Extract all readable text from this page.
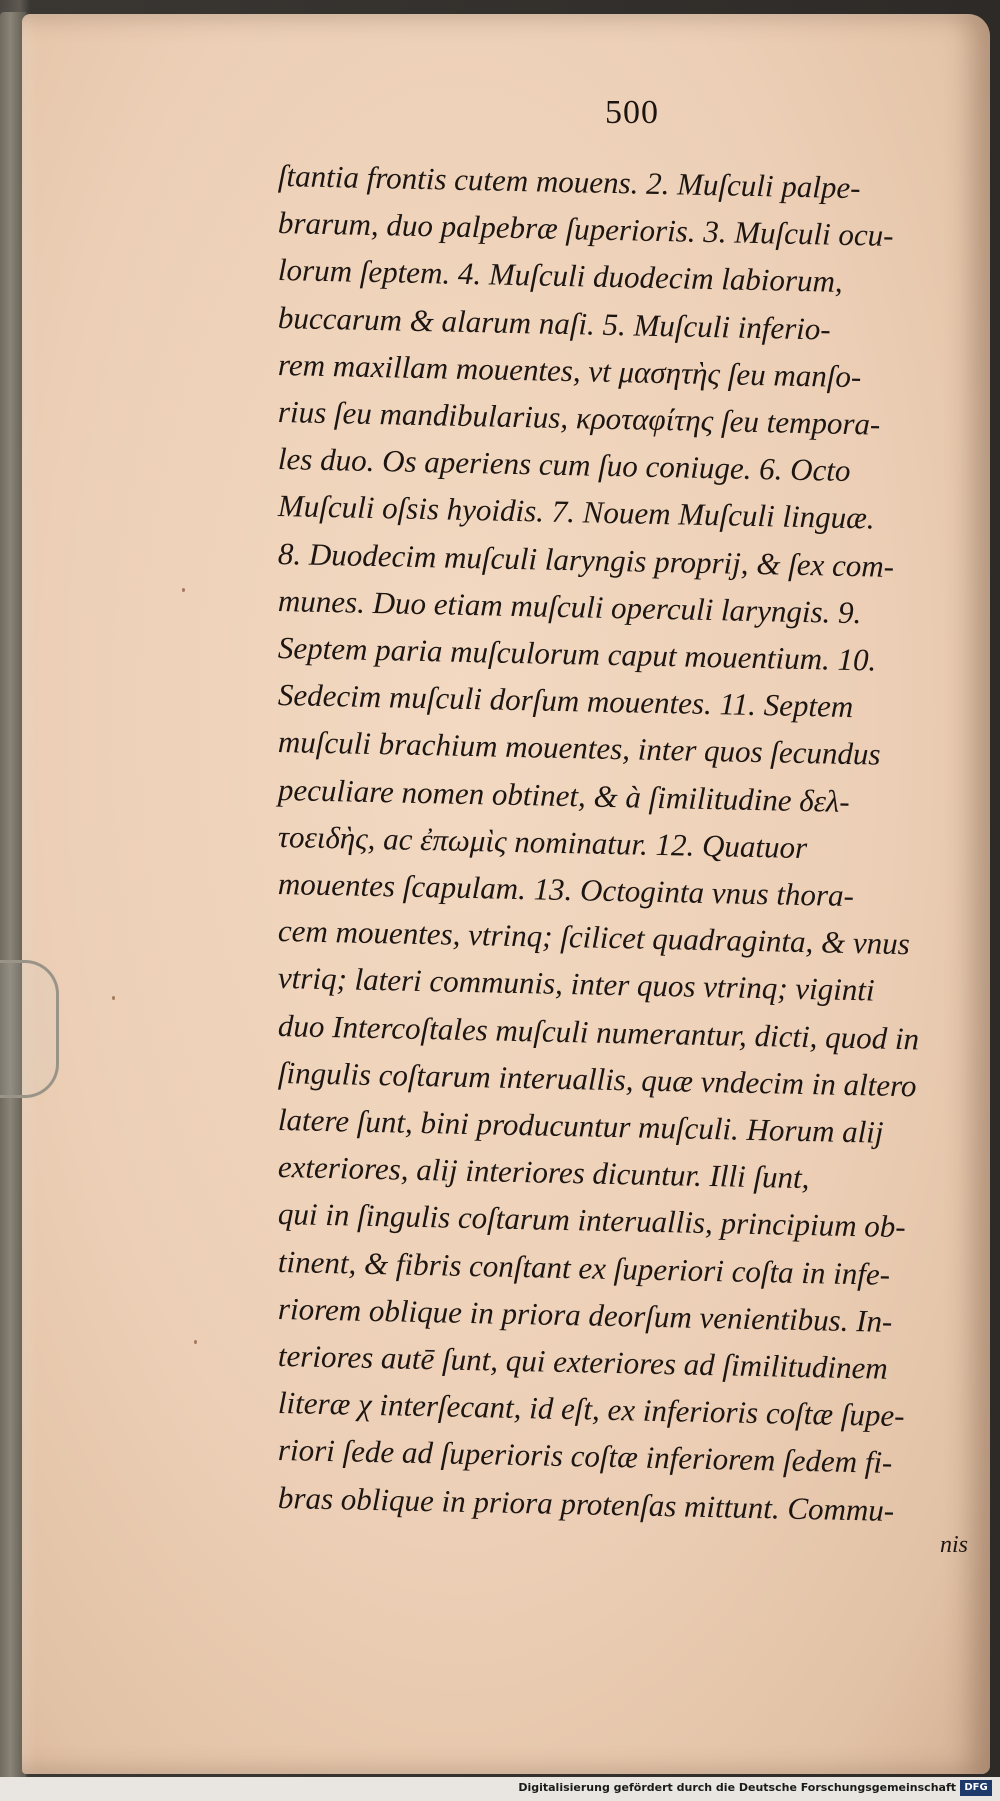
500
ſtantia frontis cutem mouens. 2. Muſculi palpe-
brarum, duo palpebræ ſuperioris. 3. Muſculi ocu-
lorum ſeptem. 4. Muſculi duodecim labiorum,
buccarum & alarum naſi. 5. Muſculi inferio-
rem maxillam mouentes, vt μασητὴς ſeu manſo-
rius ſeu mandibularius, κροταφίτης ſeu tempora-
les duo. Os aperiens cum ſuo coniuge. 6. Octo
Muſculi oſsis hyoidis. 7. Nouem Muſculi linguæ.
8. Duodecim muſculi laryngis proprij, & ſex com-
munes. Duo etiam muſculi operculi laryngis. 9.
Septem paria muſculorum caput mouentium. 10.
Sedecim muſculi dorſum mouentes. 11. Septem
muſculi brachium mouentes, inter quos ſecundus
peculiare nomen obtinet, & à ſimilitudine δελ-
τοειδὴς, ac ἐπωμὶς nominatur. 12. Quatuor
mouentes ſcapulam. 13. Octoginta vnus thora-
cem mouentes, vtrinq; ſcilicet quadraginta, & vnus
vtriq; lateri communis, inter quos vtrinq; viginti
duo Intercoſtales muſculi numerantur, dicti, quod in
ſingulis coſtarum interuallis, quæ vndecim in altero
latere ſunt, bini producuntur muſculi. Horum alij
exteriores, alij interiores dicuntur. Illi ſunt,
qui in ſingulis coſtarum interuallis, principium ob-
tinent, & fibris conſtant ex ſuperiori coſta in infe-
riorem oblique in priora deorſum venientibus. In-
teriores autē ſunt, qui exteriores ad ſimilitudinem
literæ χ interſecant, id eſt, ex inferioris coſtæ ſupe-
riori ſede ad ſuperioris coſtæ inferiorem ſedem fi-
bras oblique in priora protenſas mittunt. Commu-
nis
Digitalisierung gefördert durch die Deutsche Forschungsgemeinschaft DFG
